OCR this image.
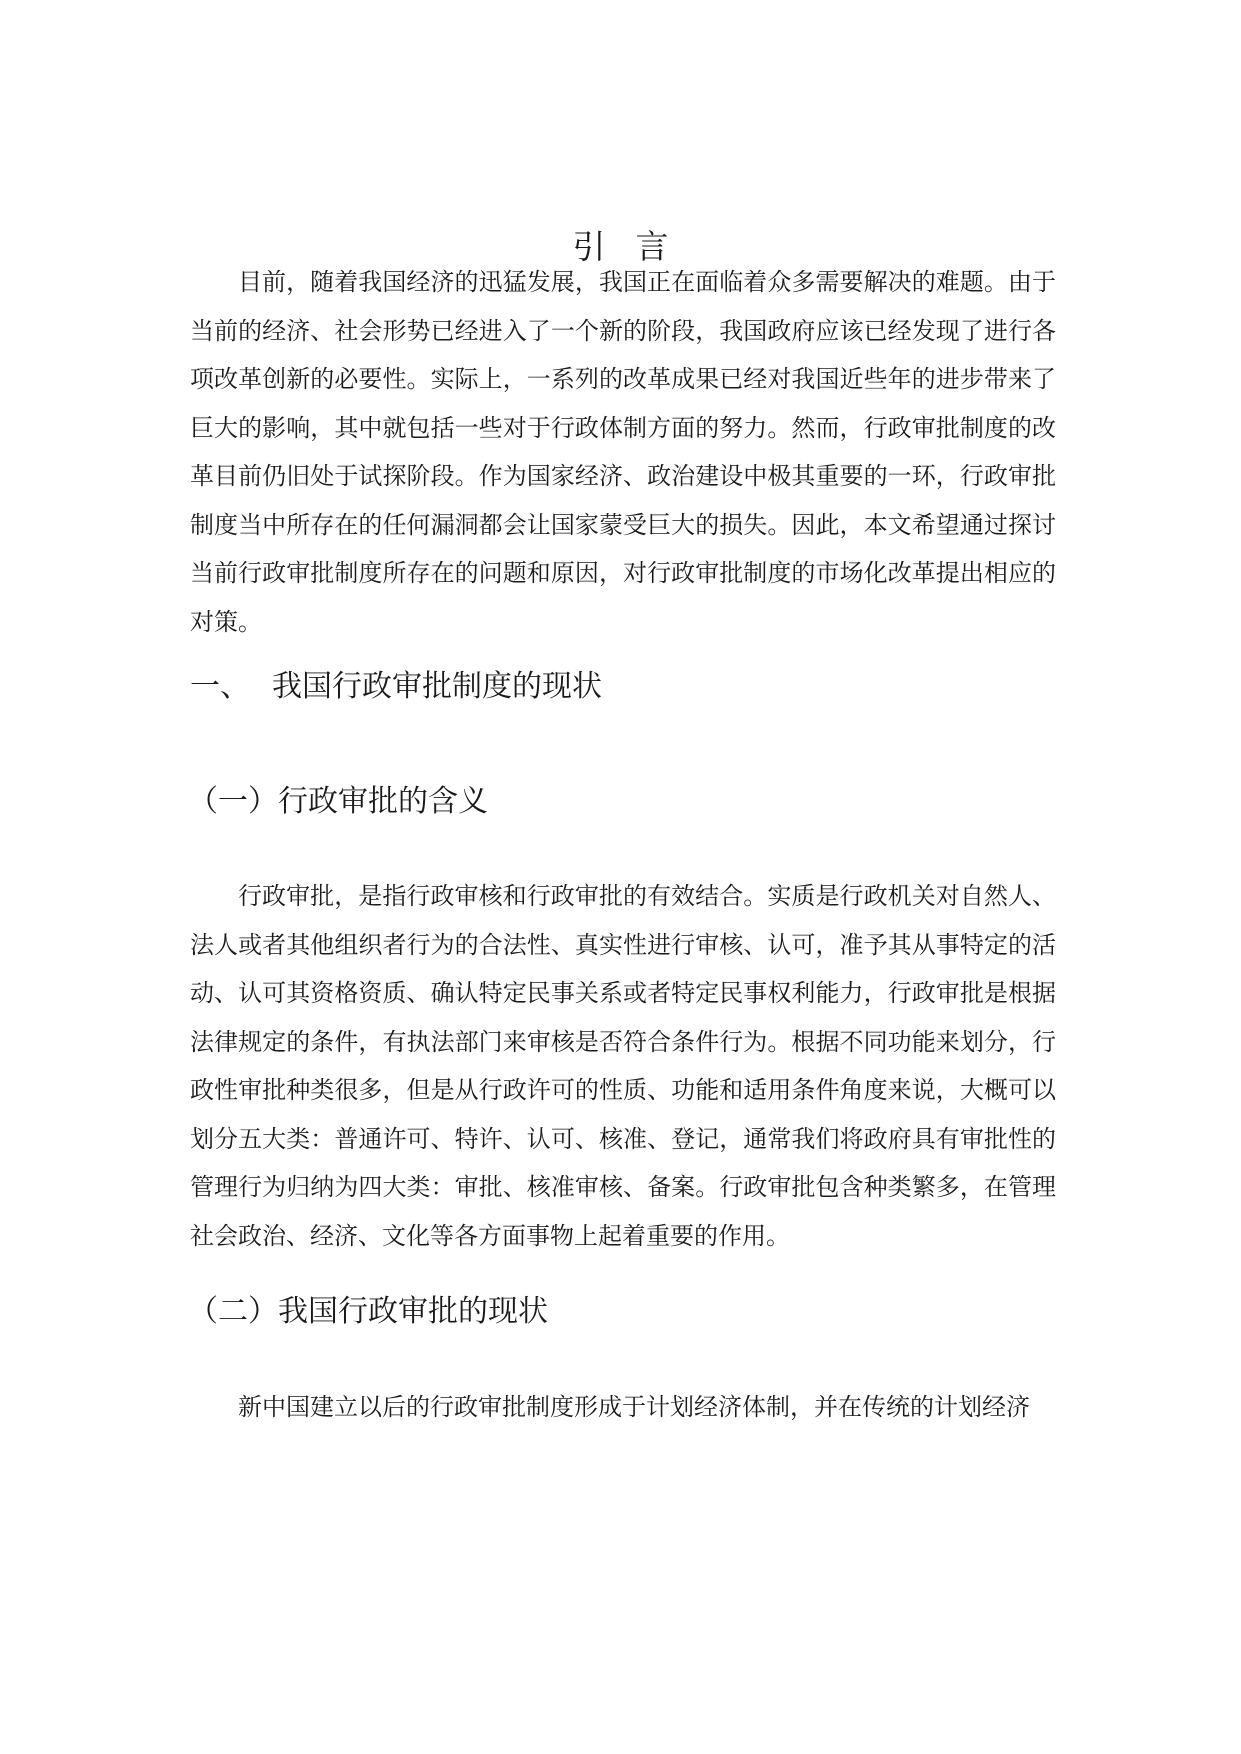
引言

目前，随着我国经济的迅猛发展，我国正在面临着众多需要解决的难题。由于当前的经济、社会形势已经进入了一个新的阶段，我国政府应该已经发现了进行各项改革创新的必要性。实际上，一系列的改革成果已经对我国近些年的进步带来了巨大的影响，其中就包括一些对于行政体制方面的努力。然而，行政审批制度的改革目前仍旧处于试探阶段。作为国家经济、政治建设中极其重要的一环，行政审批制度当中所存在的任何漏洞都会让国家蒙受巨大的损失。因此，本文希望通过探讨当前行政审批制度所存在的问题和原因，对行政审批制度的市场化改革提出相应的对策。

一、 我国行政审批制度的现状
（一）行政审批的含义

行政审批，是指行政审核和行政审批的有效结合。实质是行政机关对自然人、法人或者其他组织者行为的合法性、真实性进行审核、认可，准予其从事特定的活动、认可其资格资质、确认特定民事关系或者特定民事权利能力，行政审批是根据法律规定的条件，有执法部门来审核是否符合条件行为。根据不同功能来划分，行政性审批种类很多，但是从行政许可的性质、功能和适用条件角度来说，大概可以划分五大类：普通许可、特许、认可、核准、登记，通常我们将政府具有审批性的管理行为归纳为四大类：审批、核准审核、备案。行政审批包含种类繁多，在管理社会政治、经济、文化等各方面事物上起着重要的作用。

（二）我国行政审批的现状

新中国建立以后的行政审批制度形成于计划经济体制，并在传统的计划经济
